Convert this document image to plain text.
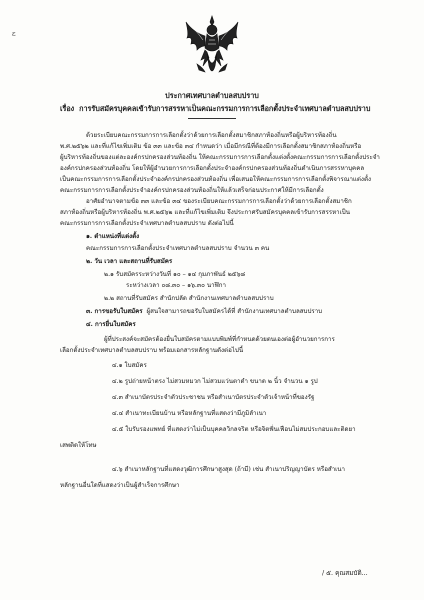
ɛ
ประกาศเทศบาลตำบลสบปราบ
เรื่อง การรับสมัครบุคคลเข้ารับการสรรหาเป็นคณะกรรมการการเลือกตั้งประจำเทศบาลตำบลสบปราบ
ด้วยระเบียบคณะกรรมการการเลือกตั้งว่าด้วยการเลือกตั้งสมาชิกสภาท้องถิ่นหรือผู้บริหารท้องถิ่น
พ.ศ.๒๕๖๒ และที่แก้ไขเพิ่มเติม ข้อ ๓๓ และข้อ ๓๔ กำหนดว่า เมื่อมีกรณีที่ต้องมีการเลือกตั้งสมาชิกสภาท้องถิ่นหรือ
ผู้บริหารท้องถิ่นของแต่ละองค์กรปกครองส่วนท้องถิ่น ให้คณะกรรมการการเลือกตั้งแต่งตั้งคณะกรรมการการเลือกตั้งประจำ
องค์กรปกครองส่วนท้องถิ่น โดยให้ผู้อำนวยการการเลือกตั้งประจำองค์กรปกครองส่วนท้องถิ่นดำเนินการสรรหาบุคคล
เป็นคณะกรรมการการเลือกตั้งประจำองค์กรปกครองส่วนท้องถิ่น เพื่อเสนอให้คณะกรรมการการเลือกตั้งพิจารณาแต่งตั้ง
คณะกรรมการการเลือกตั้งประจำองค์กรปกครองส่วนท้องถิ่นให้แล้วเสร็จก่อนประกาศให้มีการเลือกตั้ง
อาศัยอำนาจตามข้อ ๓๓ และข้อ ๓๔ ของระเบียบคณะกรรมการการเลือกตั้งว่าด้วยการเลือกตั้งสมาชิก
สภาท้องถิ่นหรือผู้บริหารท้องถิ่น พ.ศ.๒๕๖๒ และที่แก้ไขเพิ่มเติม จึงประกาศรับสมัครบุคคลเข้ารับการสรรหาเป็น
คณะกรรมการการเลือกตั้งประจำเทศบาลตำบลสบปราบ ดังต่อไปนี้
๑. ตำแหน่งที่แต่งตั้ง
คณะกรรมการการเลือกตั้งประจำเทศบาลตำบลสบปราบ จำนวน ๓ คน
๒. วัน เวลา และสถานที่รับสมัคร
๒.๑ รับสมัครระหว่างวันที่ ๑๐ – ๑๔ กุมภาพันธ์ ๒๕๖๘
ระหว่างเวลา ๐๘.๓๐ – ๑๖.๓๐ นาฬิกา
๒.๒ สถานที่รับสมัคร สำนักปลัด สำนักงานเทศบาลตำบลสบปราบ
๓. การขอรับใบสมัคร ผู้สนใจสามารถขอรับใบสมัครได้ที่ สำนักงานเทศบาลตำบลสบปราบ
๔. การยื่นใบสมัคร
ผู้ที่ประสงค์จะสมัครต้องยื่นใบสมัครตามแบบพิมพ์ที่กำหนดด้วยตนเองต่อผู้อำนวยการการ
เลือกตั้งประจำเทศบาลตำบลสบปราบ พร้อมเอกสารหลักฐานดังต่อไปนี้
๔.๑ ใบสมัคร
๔.๒ รูปถ่ายหน้าตรง ไม่สวมหมวก ไม่สวมแว่นตาดำ ขนาด ๒ นิ้ว จำนวน ๑ รูป
๔.๓ สำเนาบัตรประจำตัวประชาชน หรือสำเนาบัตรประจำตัวเจ้าหน้าที่ของรัฐ
๔.๔ สำเนาทะเบียนบ้าน หรือหลักฐานที่แสดงว่ามีภูมิลำเนา
๔.๕ ใบรับรองแพทย์ ที่แสดงว่าไม่เป็นบุคคลวิกลจริต หรือจิตฟั่นเฟือนไม่สมประกอบและติดยา
เสพติดให้โทษ
๔.๖ สำเนาหลักฐานที่แสดงวุฒิการศึกษาสูงสุด (ถ้ามี) เช่น สำเนาปริญญาบัตร หรือสำเนา
หลักฐานอื่นใดที่แสดงว่าเป็นผู้สำเร็จการศึกษา
/ ๕. คุณสมบัติ...
